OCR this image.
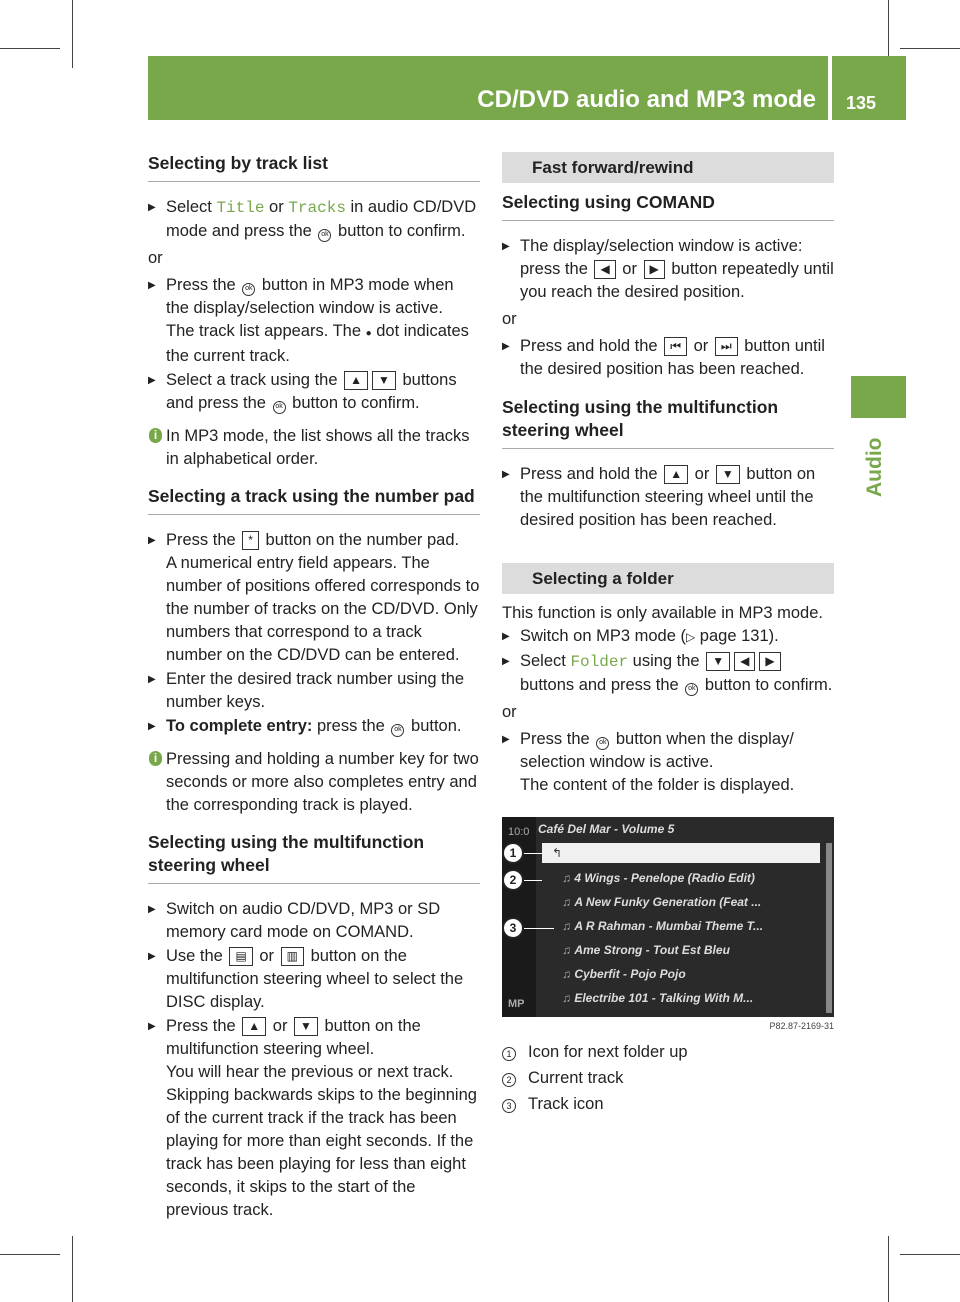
CD/DVD audio and MP3 mode 135
Audio
Selecting by track list
▶ Select Title or Tracks in audio CD/DVD mode and press the ok button to confirm.
or
▶ Press the ok button in MP3 mode when the display/selection window is active.
The track list appears. The ● dot indicates the current track.
▶ Select a track using the ▲ ▼ buttons and press the ok button to confirm.
i In MP3 mode, the list shows all the tracks in alphabetical order.
Selecting a track using the number pad
▶ Press the * button on the number pad.
A numerical entry field appears. The number of positions offered corresponds to the number of tracks on the CD/DVD. Only numbers that correspond to a track number on the CD/DVD can be entered.
▶ Enter the desired track number using the number keys.
▶ To complete entry: press the ok button.
i Pressing and holding a number key for two seconds or more also completes entry and the corresponding track is played.
Selecting using the multifunction steering wheel
▶ Switch on audio CD/DVD, MP3 or SD memory card mode on COMAND.
▶ Use the ▤ or ▥ button on the multifunction steering wheel to select the DISC display.
▶ Press the ▲ or ▼ button on the multifunction steering wheel.
You will hear the previous or next track. Skipping backwards skips to the beginning of the current track if the track has been playing for more than eight seconds. If the track has been playing for less than eight seconds, it skips to the start of the previous track.
Fast forward/rewind
Selecting using COMAND
▶ The display/selection window is active: press the ◀ or ▶ button repeatedly until you reach the desired position.
or
▶ Press and hold the ⏮ or ⏭ button until the desired position has been reached.
Selecting using the multifunction steering wheel
▶ Press and hold the ▲ or ▼ button on the multifunction steering wheel until the desired position has been reached.
Selecting a folder
This function is only available in MP3 mode.
▶ Switch on MP3 mode (▷ page 131).
▶ Select Folder using the ▼ ◀ ▶ buttons and press the ok button to confirm.
or
▶ Press the ok button when the display/ selection window is active.
The content of the folder is displayed.
10:0 Café Del Mar - Volume 5
↰
♫ 4 Wings - Penelope (Radio Edit)
♫ A New Funky Generation (Feat ...
♫ A R Rahman - Mumbai Theme T...
♫ Ame Strong - Tout Est Bleu
♫ Cyberfit - Pojo Pojo
♫ Electribe 101 - Talking With M...
MP
1
2
3
P82.87-2169-31
1	Icon for next folder up
2	Current track
3	Track icon
